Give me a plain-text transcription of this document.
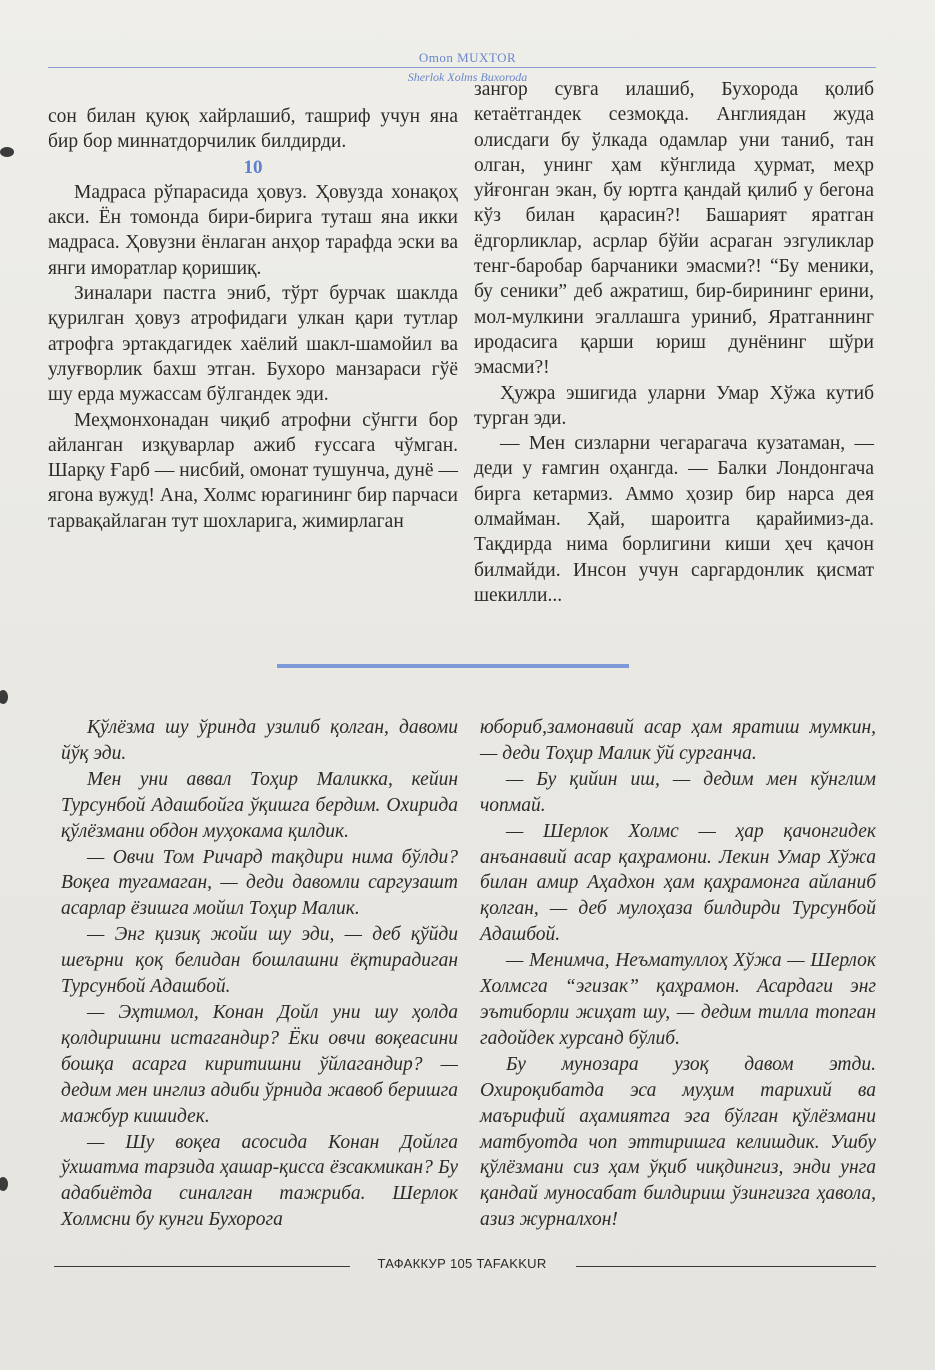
Omon MUXTOR
Sherlok Xolms Buxoroda

сон билан қуюқ хайрлашиб, ташриф учун яна бир бор миннатдорчилик билдирди.

10

Мадраса рўпарасида ҳовуз. Ҳовузда хонақоҳ акси. Ён томонда бири-бирига туташ яна икки мадраса. Ҳовузни ёнлаган анҳор тарафда эски ва янги иморатлар қоришиқ.

Зиналари пастга эниб, тўрт бурчак шаклда қурилган ҳовуз атрофидаги улкан қари тутлар атрофга эртакдагидек хаёлий шакл-шамойил ва улуғворлик бахш этган. Бухоро манзараси гўё шу ерда мужассам бўлгандек эди.

Меҳмонхонадан чиқиб атрофни сўнгги бор айланган изқуварлар ажиб ғуссага чўмган. Шарқу Ғарб — нисбий, омонат тушунча, дунё — ягона вужуд! Ана, Холмс юрагининг бир парчаси тарвақайлаган тут шохларига, жимирлаган

зангор сувга илашиб, Бухорода қолиб кетаётгандек сезмоқда. Англиядан жуда олисдаги бу ўлкада одамлар уни таниб, тан олган, унинг ҳам кўнглида ҳурмат, меҳр уйғонган экан, бу юртга қандай қилиб у бегона кўз билан қарасин?! Башарият яратган ёдгорликлар, асрлар бўйи асраган эзгуликлар тенг-баробар барчаники эмасми?! “Бу меники, бу сеники” деб ажратиш, бир-бирининг ерини, мол-мулкини эгаллашга уриниб, Яратганнинг иродасига қарши юриш дунёнинг шўри эмасми?!

Ҳужра эшигида уларни Умар Хўжа кутиб турган эди.

— Мен сизларни чегарагача кузатаман, — деди у ғамгин оҳангда. — Балки Лондонгача бирга кетармиз. Аммо ҳозир бир нарса дея олмайман. Ҳай, шароитга қарайимиз-да. Тақдирда нима борлигини киши ҳеч қачон билмайди. Инсон учун саргардонлик қисмат шекилли...

Қўлёзма шу ўринда узилиб қолган, давоми йўқ эди.

Мен уни аввал Тоҳир Маликка, кейин Турсунбой Адашбойга ўқишга бердим. Охирида қўлёзмани обдон муҳокама қилдик.

— Овчи Том Ричард тақдири нима бўлди? Воқеа тугамаган, — деди давомли саргузашт асарлар ёзишга мойил Тоҳир Малик.

— Энг қизиқ жойи шу эди, — деб қўйди шеърни қоқ белидан бошлашни ёқтирадиган Турсунбой Адашбой.

— Эҳтимол, Конан Дойл уни шу ҳолда қолдиришни истагандир? Ёки овчи воқеасини бошқа асарга киритишни ўйлагандир? — дедим мен инглиз адиби ўрнида жавоб беришга мажбур кишидек.

— Шу воқеа асосида Конан Дойлга ўхшатма тарзида ҳашар-қисса ёзсакмикан? Бу адабиётда синалган тажриба. Шерлок Холмсни бу кунги Бухорога

юбориб,замонавий асар ҳам яратиш мумкин, — деди Тоҳир Малик ўй сурганча.

— Бу қийин иш, — дедим мен кўнглим чопмай.

— Шерлок Холмс — ҳар қачонгидек анъанавий асар қаҳрамони. Лекин Умар Хўжа билан амир Аҳадхон ҳам қаҳрамонга айланиб қолган, — деб мулоҳаза билдирди Турсунбой Адашбой.

— Менимча, Неъматуллоҳ Хўжа — Шерлок Холмсга “эгизак” қаҳрамон. Асардаги энг эътиборли жиҳат шу, — дедим тилла топган гадойдек хурсанд бўлиб.

Бу мунозара узоқ давом этди. Охироқибатда эса муҳим тарихий ва маърифий аҳамиятга эга бўлган қўлёзмани матбуотда чоп эттиришга келишдик. Ушбу қўлёзмани сиз ҳам ўқиб чиқдингиз, энди унга қандай муносабат билдириш ўзингизга ҳавола, азиз журналхон!

ТАФАККУР 105 TAFAKKUR
